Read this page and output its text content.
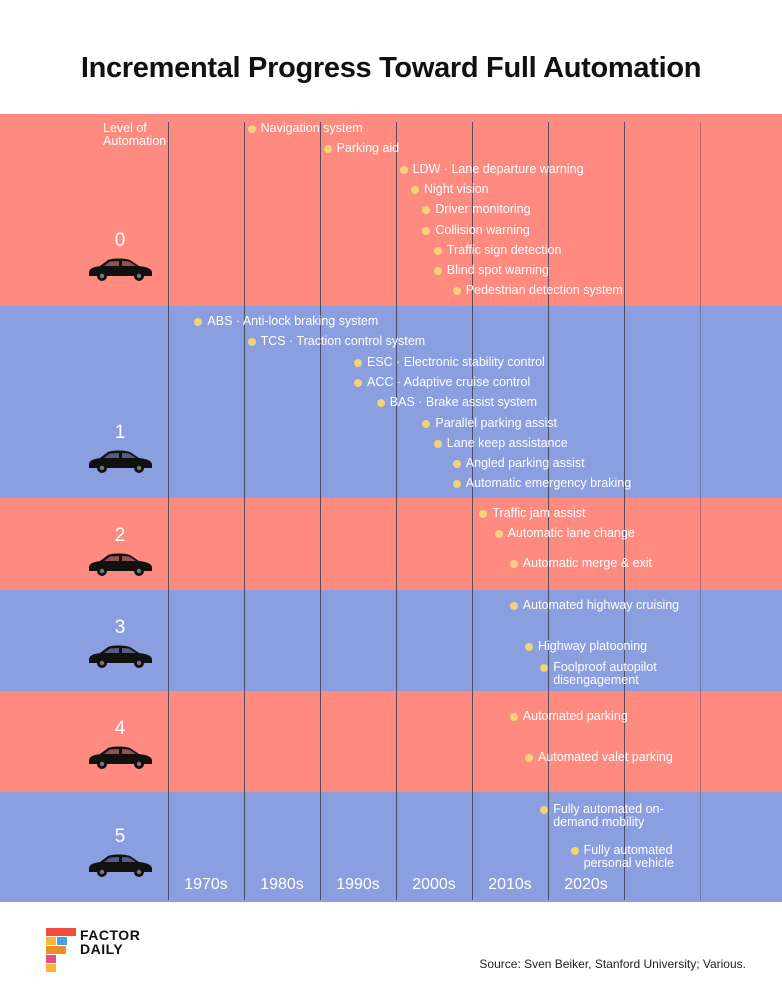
Incremental Progress Toward Full Automation
Level of Automation
0
Navigation system
Parking aid
LDW · Lane departure warning
Night vision
Driver monitoring
Collision warning
Traffic sign detection
Blind spot warning
Pedestrian detection system
1
ABS · Anti-lock braking system
TCS · Traction control system
ESC · Electronic stability control
ACC · Adaptive cruise control
BAS · Brake assist system
Parallel parking assist
Lane keep assistance
Angled parking assist
Automatic emergency braking
2
Traffic jam assist
Automatic lane change
Automatic merge & exit
3
Automated highway cruising
Highway platooning
Foolproof autopilot disengagement
4
Automated parking
Automated valet parking
5
Fully automated on-demand mobility
Fully automated personal vehicle
1970s	1980s	1990s	2000s	2010s	2020s
FACTOR
DAILY
Source: Sven Beiker, Stanford University; Various.
